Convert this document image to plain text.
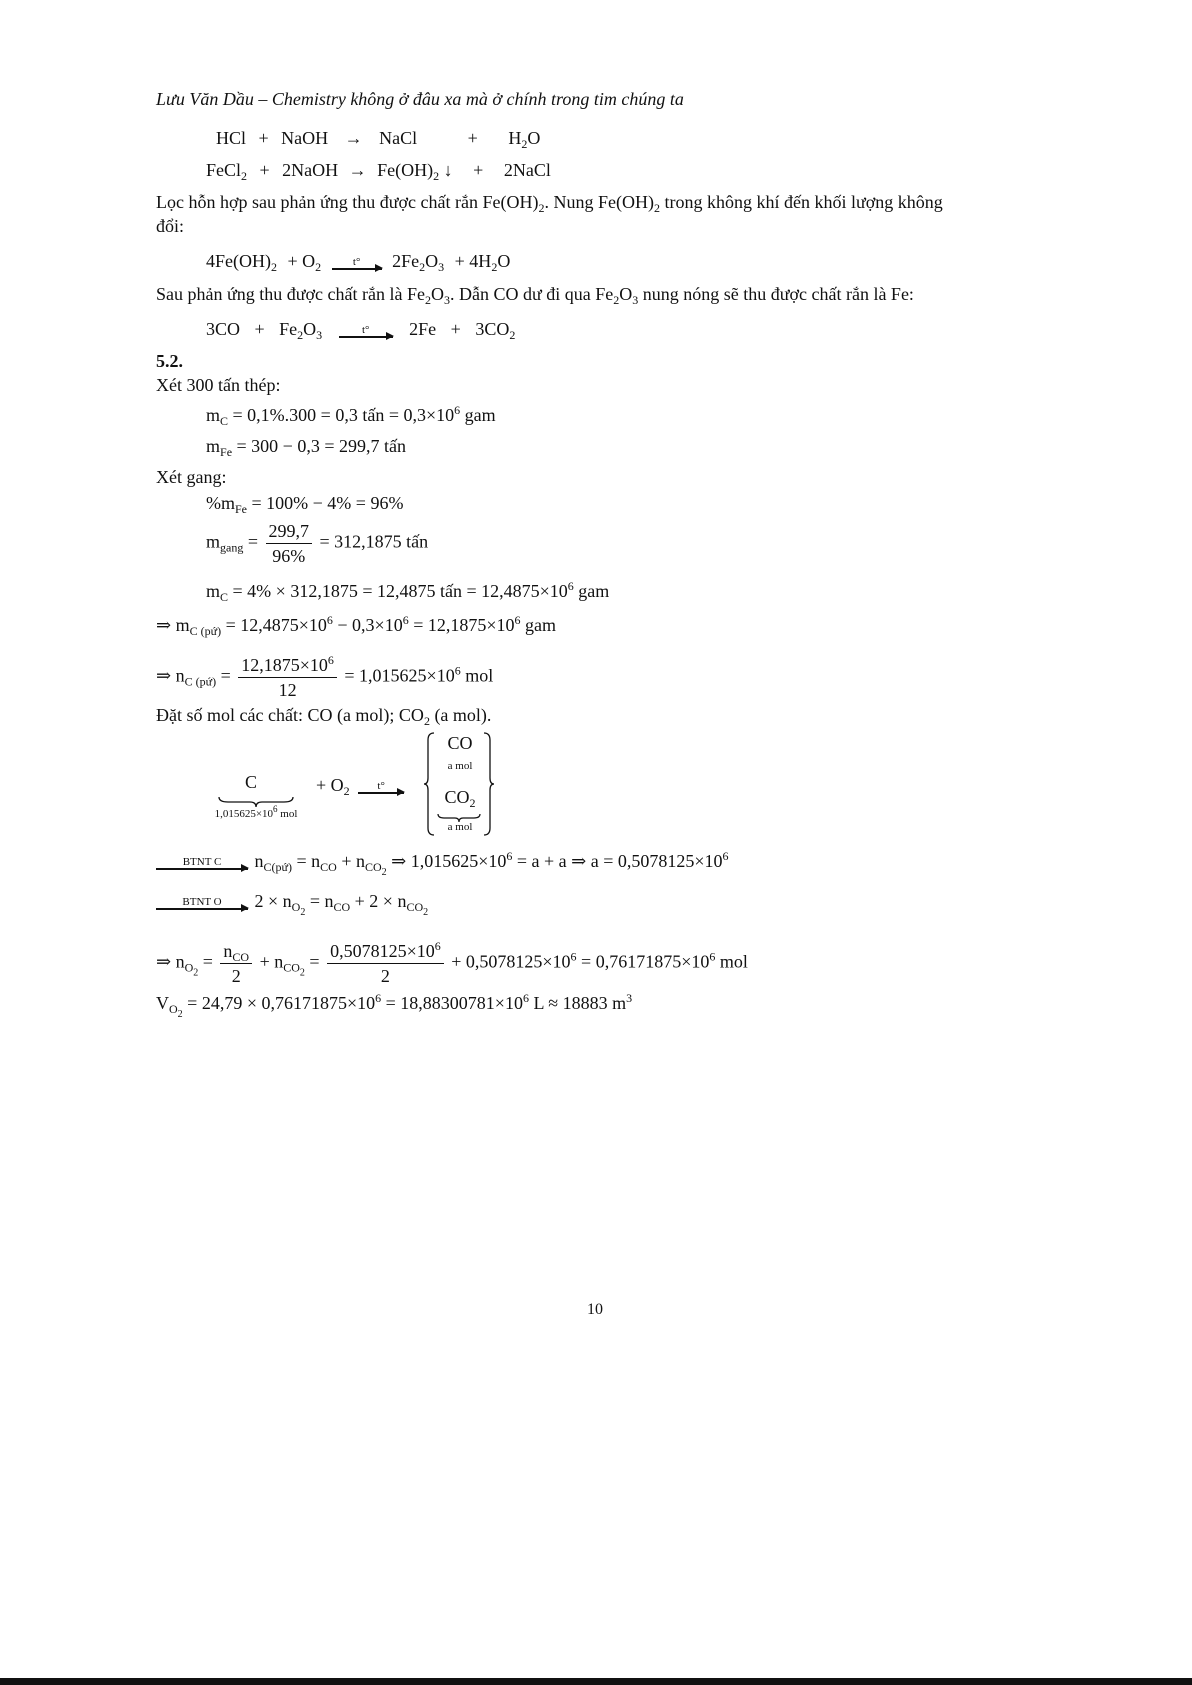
Lưu Văn Dầu – Chemistry không ở đâu xa mà ở chính trong tim chúng ta
HCl + NaOH → NaCl	+ $H_2O$
FeCl$_2$ + 2NaOH → $Fe(OH)_2$ ↓ + 2NaCl
Lọc hỗn hợp sau phản ứng thu được chất rắn $Fe(OH)_2$. Nung $Fe(OH)_2$ trong không khí đến khối lượng không
đổi:
$4Fe(OH)_2 + O_2$	t° $2Fe_2O_3 + 4H_2O$
Sau phản ứng thu được chất rắn là $Fe_2O_3$. Dẫn CO dư đi qua $Fe_2O_3$ nung nóng sẽ thu được chất rắn là Fe:
$3CO + Fe_2O_3$	t° $2Fe + 3CO_2$
5.2.
Xét 300 tấn thép:
$m_C = 0,1\%.300 = 0,3$ tấn = $0,3\times 10^6$ gam
$m_{Fe} = 300 - 0,3 = 299,7$ tấn
Xét gang:
$\%m_{Fe} = 100\% - 4\% = 96\%$
$m_{gang} = \frac{299,7}{96\%} = 312,1875$ tấn
$m_C = 4\% \times 312,1875 = 12,4875$ tấn = $12,4875\times 10^6$ gam
⇒ $m_{C (pứ)} = 12,4875\times 10^6 - 0,3\times 10^6 = 12,1875\times 10^6$ gam
⇒ $n_{C (pứ)} = \frac{12,1875\times 10^6}{12} = 1,015625\times 10^6$ mol
Đặt số mol các chất: CO (a mol); $CO_2$ (a mol).
C
$1,015625\times 10^6$ mol
+ $O_2$	t°
CO
a mol
$CO_2$
a mol
BTNT C $n_{C(pứ)} = n_{CO} + n_{CO2}$ ⇒ $1,015625\times 10^6 = a + a$ ⇒ $a = 0,5078125\times 10^6$
BTNT O $2 \times n_{O2} = n_{CO} + 2 \times n_{CO2}$
⇒ $n_{O2} = \frac{n_{CO}}{2} + n_{CO2} = \frac{0,5078125\times 10^6}{2} + 0,5078125\times 10^6 = 0,76171875\times 10^6$ mol
$V_{O2} = 24,79 \times 0,76171875\times 10^6 = 18,88300781\times 10^6$ L ≈ 18883 $m^3$
10
